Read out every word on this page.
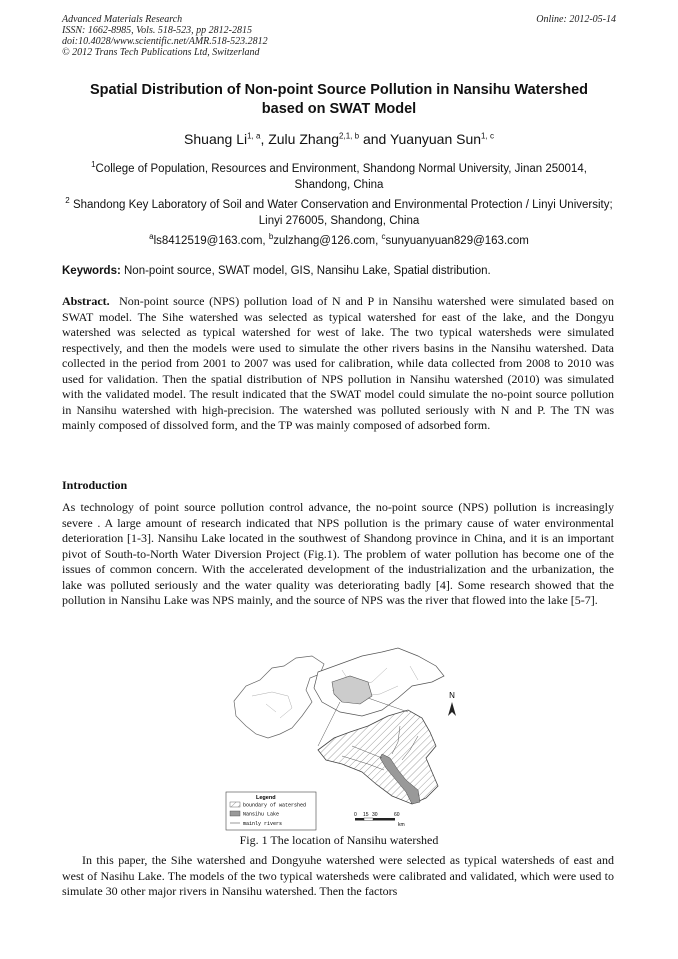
Advanced Materials Research
ISSN: 1662-8985, Vols. 518-523, pp 2812-2815
doi:10.4028/www.scientific.net/AMR.518-523.2812
© 2012 Trans Tech Publications Ltd, Switzerland
Online: 2012-05-14
Spatial Distribution of Non-point Source Pollution in Nansihu Watershed
based on SWAT Model
Shuang Li$^{1, a}$, Zulu Zhang$^{2,1, b}$ and Yuanyuan Sun$^{1, c}$
$^1$College of Population, Resources and Environment, Shandong Normal University, Jinan 250014, Shandong, China
$^2$ Shandong Key Laboratory of Soil and Water Conservation and Environmental Protection / Linyi University; Linyi 276005, Shandong, China
$^a$ls8412519@163.com, $^b$zulzhang@126.com, $^c$sunyuanyuan829@163.com
Keywords: Non-point source, SWAT model, GIS, Nansihu Lake, Spatial distribution.
Abstract. Non-point source (NPS) pollution load of N and P in Nansihu watershed were simulated based on SWAT model. The Sihe watershed was selected as typical watershed for east of the lake, and the Dongyu watershed was selected as typical watershed for west of lake. The two typical watersheds were simulated respectively, and then the models were used to simulate the other rivers basins in the Nansihu watershed. Data collected in the period from 2001 to 2007 was used for calibration, while data collected from 2008 to 2010 was used for validation. Then the spatial distribution of NPS pollution in Nansihu watershed (2010) was simulated with the validated model. The result indicated that the SWAT model could simulate the no-point source pollution in Nansihu watershed with high-precision. The watershed was polluted seriously with N and P. The TN was mainly composed of dissolved form, and the TP was mainly composed of adsorbed form.
Introduction
As technology of point source pollution control advance, the no-point source (NPS) pollution is increasingly severe . A large amount of research indicated that NPS pollution is the primary cause of water environmental deterioration [1-3]. Nansihu Lake located in the southwest of Shandong province in China, and it is an important pivot of South-to-North Water Diversion Project (Fig.1). The problem of water pollution has become one of the issues of common concern. With the accelerated development of the industrialization and the urbanization, the lake was polluted seriously and the water quality was deteriorating badly [4]. Some research showed that the pollution in Nansihu Lake was NPS mainly, and the source of NPS was the river that flowed into the lake [5-7].
N
Legend
boundary of watershed
Nansihu Lake
mainly rivers
0 15 30	60
km
Fig. 1 The location of Nansihu watershed
In this paper, the Sihe watershed and Dongyuhe watershed were selected as typical watersheds of east and west of Nasihu Lake. The models of the two typical watersheds were calibrated and validated, which were used to simulate 30 other major rivers in Nansihu watershed. Then the factors
